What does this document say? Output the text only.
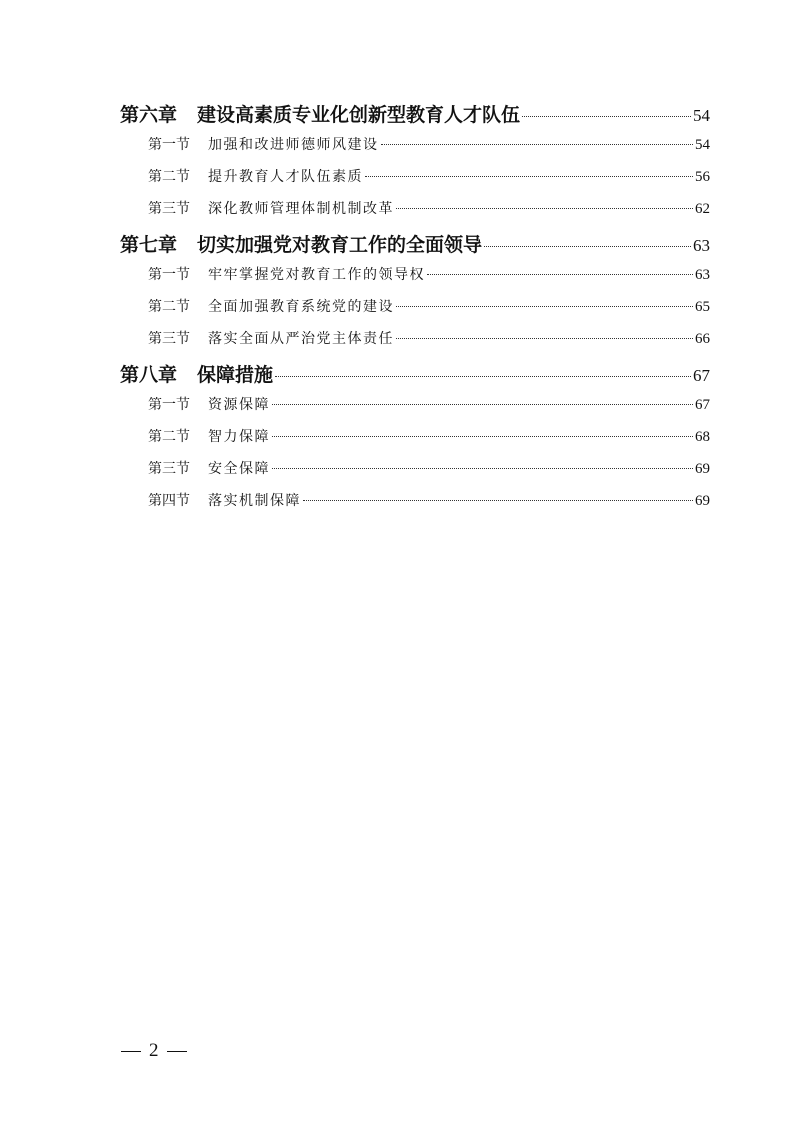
第六章 建设高素质专业化创新型教育人才队伍	54
第一节 加强和改进师德师风建设	54
第二节 提升教育人才队伍素质	56
第三节 深化教师管理体制机制改革	62
第七章 切实加强党对教育工作的全面领导	63
第一节 牢牢掌握党对教育工作的领导权	63
第二节 全面加强教育系统党的建设	65
第三节 落实全面从严治党主体责任	66
第八章 保障措施	67
第一节 资源保障	67
第二节 智力保障	68
第三节 安全保障	69
第四节 落实机制保障	69
2
